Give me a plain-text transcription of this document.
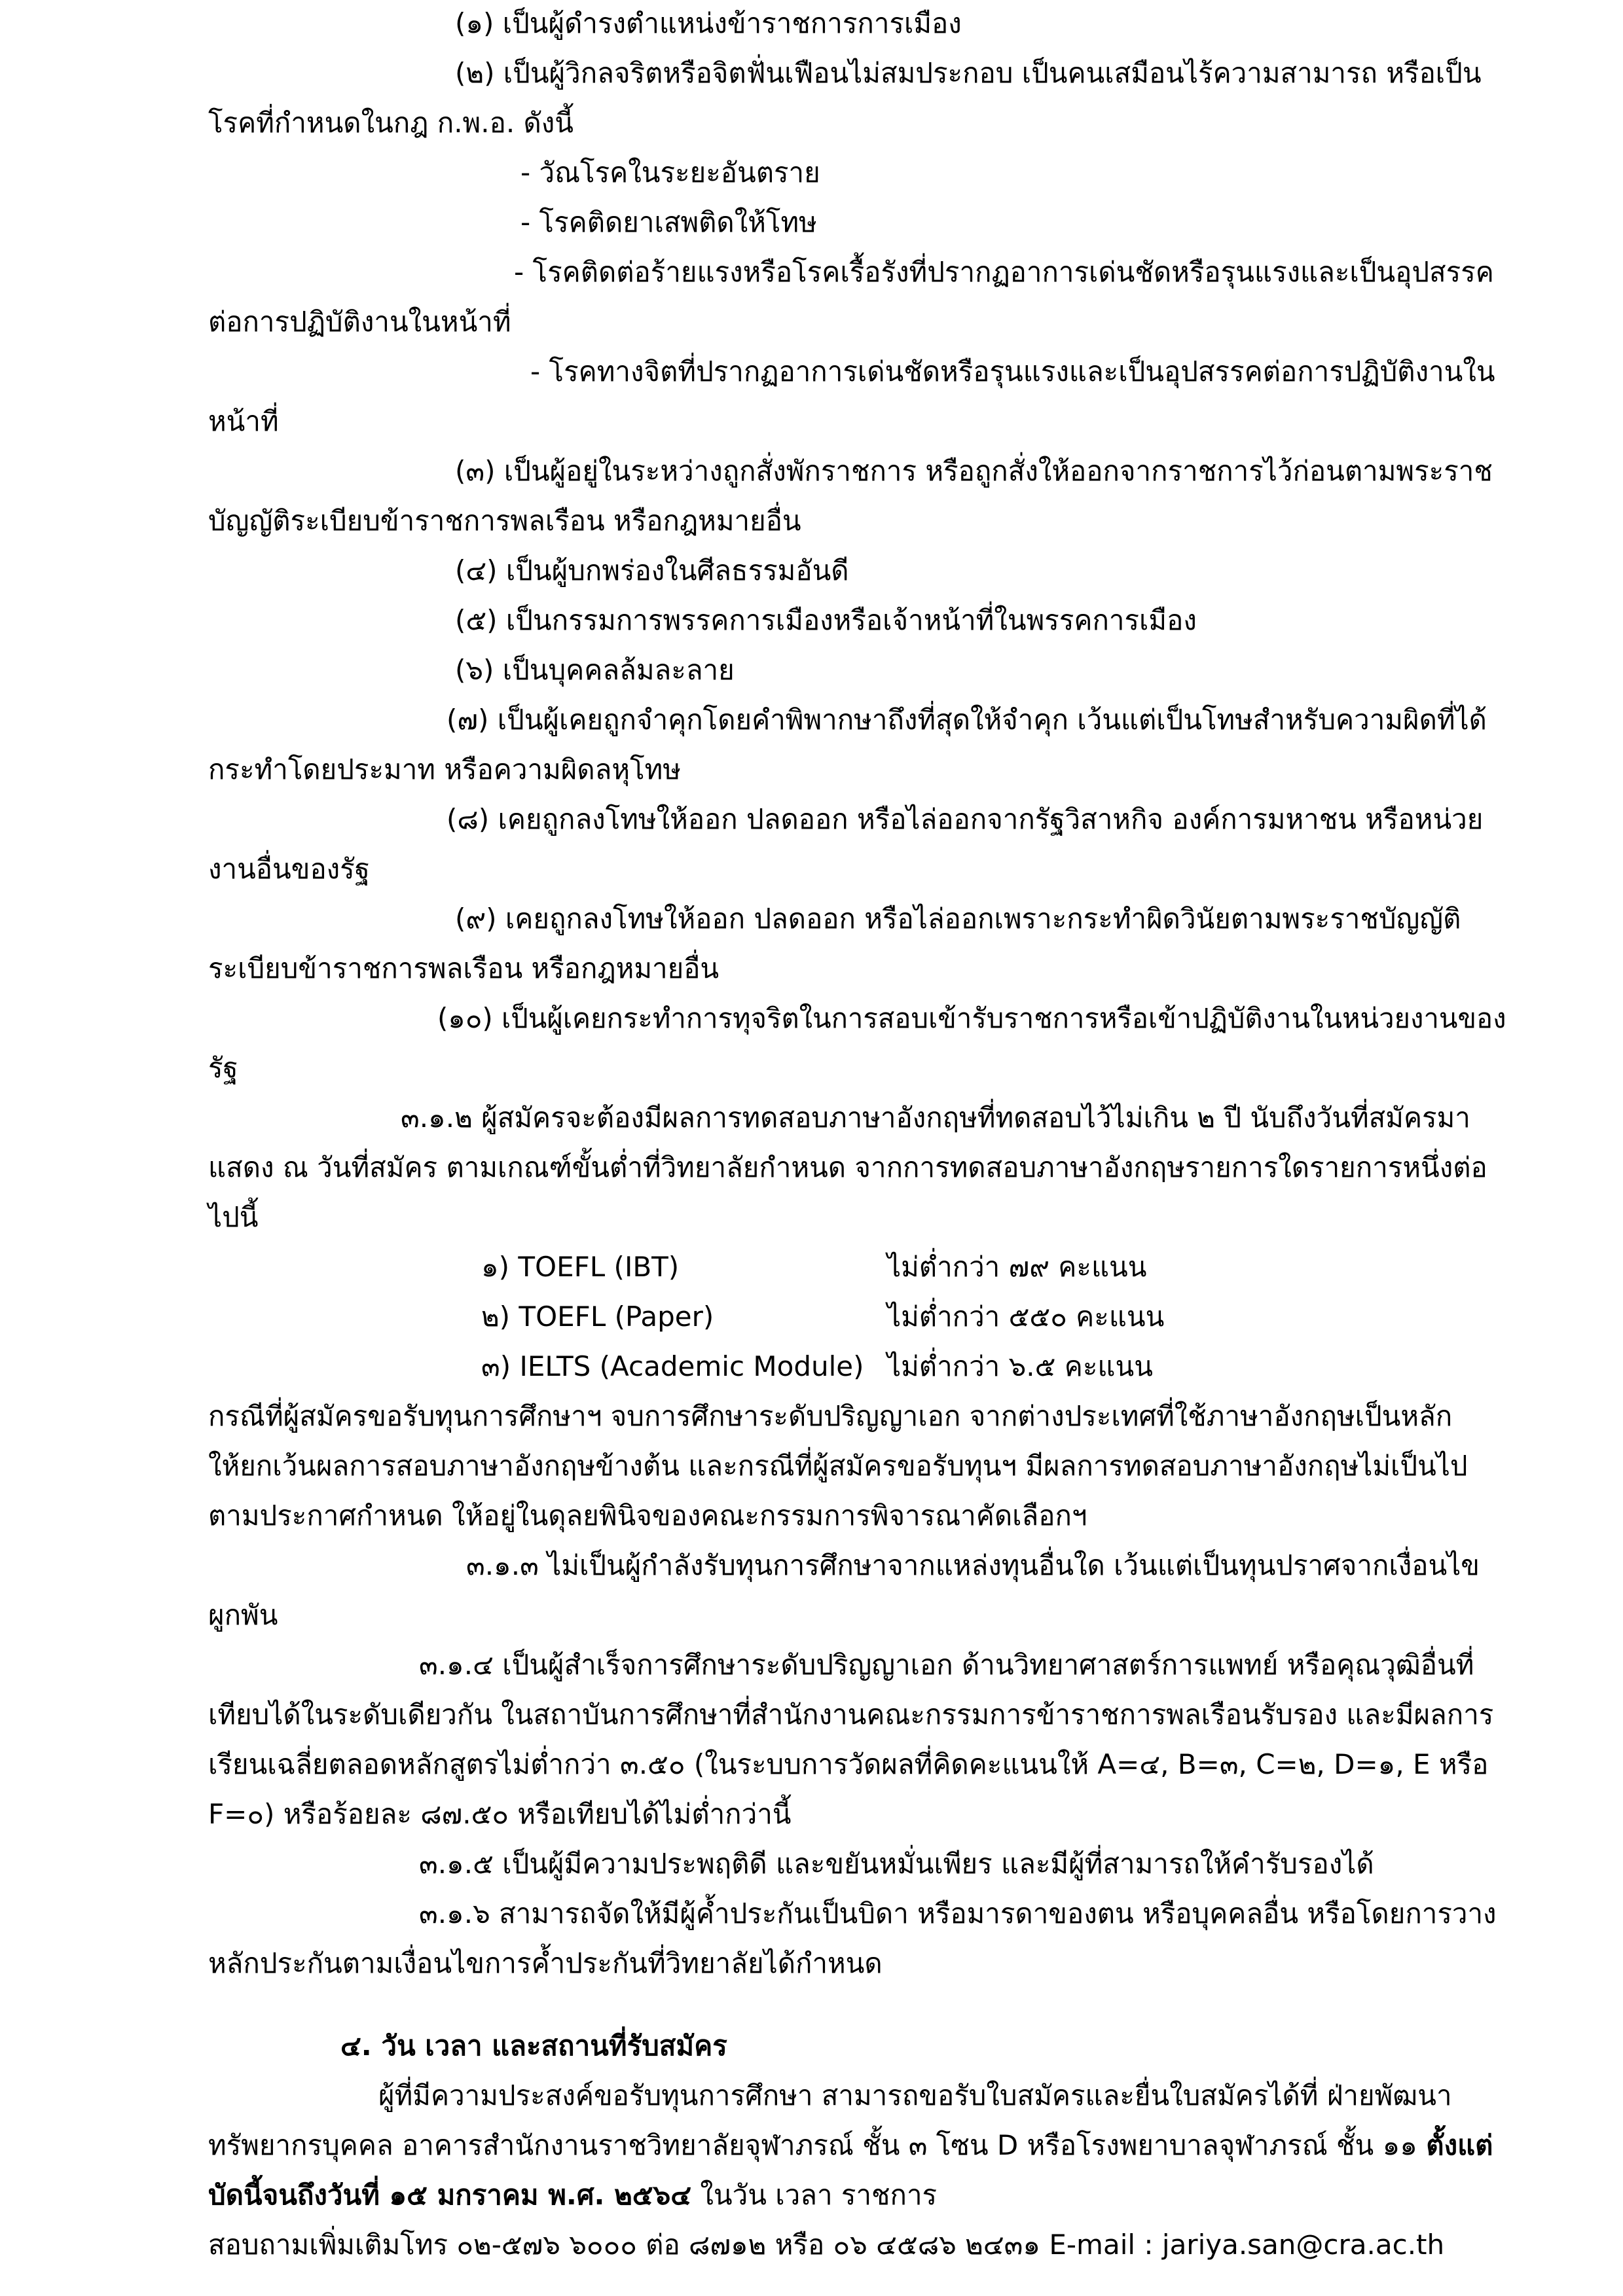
(๑) เป็นผู้ดำรงตำแหน่งข้าราชการการเมือง
(๒) เป็นผู้วิกลจริตหรือจิตฟั่นเฟือนไม่สมประกอบ เป็นคนเสมือนไร้ความสามารถ หรือเป็น
โรคที่กำหนดในกฎ ก.พ.อ. ดังนี้
- วัณโรคในระยะอันตราย
- โรคติดยาเสพติดให้โทษ
- โรคติดต่อร้ายแรงหรือโรคเรื้อรังที่ปรากฏอาการเด่นชัดหรือรุนแรงและเป็นอุปสรรค
ต่อการปฏิบัติงานในหน้าที่
- โรคทางจิตที่ปรากฏอาการเด่นชัดหรือรุนแรงและเป็นอุปสรรคต่อการปฏิบัติงานใน
หน้าที่
(๓) เป็นผู้อยู่ในระหว่างถูกสั่งพักราชการ หรือถูกสั่งให้ออกจากราชการไว้ก่อนตามพระราช
บัญญัติระเบียบข้าราชการพลเรือน หรือกฎหมายอื่น
(๔) เป็นผู้บกพร่องในศีลธรรมอันดี
(๕) เป็นกรรมการพรรคการเมืองหรือเจ้าหน้าที่ในพรรคการเมือง
(๖) เป็นบุคคลล้มละลาย
(๗) เป็นผู้เคยถูกจำคุกโดยคำพิพากษาถึงที่สุดให้จำคุก เว้นแต่เป็นโทษสำหรับความผิดที่ได้
กระทำโดยประมาท หรือความผิดลหุโทษ
(๘) เคยถูกลงโทษให้ออก ปลดออก หรือไล่ออกจากรัฐวิสาหกิจ องค์การมหาชน หรือหน่วย
งานอื่นของรัฐ
(๙) เคยถูกลงโทษให้ออก ปลดออก หรือไล่ออกเพราะกระทำผิดวินัยตามพระราชบัญญัติ
ระเบียบข้าราชการพลเรือน หรือกฎหมายอื่น
(๑๐) เป็นผู้เคยกระทำการทุจริตในการสอบเข้ารับราชการหรือเข้าปฏิบัติงานในหน่วยงานของ
รัฐ
๓.๑.๒ ผู้สมัครจะต้องมีผลการทดสอบภาษาอังกฤษที่ทดสอบไว้ไม่เกิน ๒ ปี นับถึงวันที่สมัครมา
แสดง ณ วันที่สมัคร ตามเกณฑ์ขั้นต่ำที่วิทยาลัยกำหนด จากการทดสอบภาษาอังกฤษรายการใดรายการหนึ่งต่อ
ไปนี้
๑) TOEFL (IBT)	ไม่ต่ำกว่า ๗๙ คะแนน
๒) TOEFL (Paper)	ไม่ต่ำกว่า ๕๕๐ คะแนน
๓) IELTS (Academic Module) ไม่ต่ำกว่า ๖.๕ คะแนน
กรณีที่ผู้สมัครขอรับทุนการศึกษาฯ จบการศึกษาระดับปริญญาเอก จากต่างประเทศที่ใช้ภาษาอังกฤษเป็นหลัก
ให้ยกเว้นผลการสอบภาษาอังกฤษข้างต้น และกรณีที่ผู้สมัครขอรับทุนฯ มีผลการทดสอบภาษาอังกฤษไม่เป็นไป
ตามประกาศกำหนด ให้อยู่ในดุลยพินิจของคณะกรรมการพิจารณาคัดเลือกฯ
๓.๑.๓ ไม่เป็นผู้กำลังรับทุนการศึกษาจากแหล่งทุนอื่นใด เว้นแต่เป็นทุนปราศจากเงื่อนไข
ผูกพัน
๓.๑.๔ เป็นผู้สำเร็จการศึกษาระดับปริญญาเอก ด้านวิทยาศาสตร์การแพทย์ หรือคุณวุฒิอื่นที่
เทียบได้ในระดับเดียวกัน ในสถาบันการศึกษาที่สำนักงานคณะกรรมการข้าราชการพลเรือนรับรอง และมีผลการ
เรียนเฉลี่ยตลอดหลักสูตรไม่ต่ำกว่า ๓.๕๐ (ในระบบการวัดผลที่คิดคะแนนให้ A=๔, B=๓, C=๒, D=๑, E หรือ
F=๐) หรือร้อยละ ๘๗.๕๐ หรือเทียบได้ไม่ต่ำกว่านี้
๓.๑.๕ เป็นผู้มีความประพฤติดี และขยันหมั่นเพียร และมีผู้ที่สามารถให้คำรับรองได้
๓.๑.๖ สามารถจัดให้มีผู้ค้ำประกันเป็นบิดา หรือมารดาของตน หรือบุคคลอื่น หรือโดยการวาง
หลักประกันตามเงื่อนไขการค้ำประกันที่วิทยาลัยได้กำหนด
๔. วัน เวลา และสถานที่รับสมัคร
ผู้ที่มีความประสงค์ขอรับทุนการศึกษา สามารถขอรับใบสมัครและยื่นใบสมัครได้ที่ ฝ่ายพัฒนา
ทรัพยากรบุคคล อาคารสำนักงานราชวิทยาลัยจุฬาภรณ์ ชั้น ๓ โซน D หรือโรงพยาบาลจุฬาภรณ์ ชั้น ๑๑ ตั้งแต่
บัดนี้จนถึงวันที่ ๑๕ มกราคม พ.ศ. ๒๕๖๔ ในวัน เวลา ราชการ
สอบถามเพิ่มเติมโทร ๐๒-๕๗๖ ๖๐๐๐ ต่อ ๘๗๑๒ หรือ ๐๖ ๔๕๘๖ ๒๔๓๑ E-mail : jariya.san@cra.ac.th
